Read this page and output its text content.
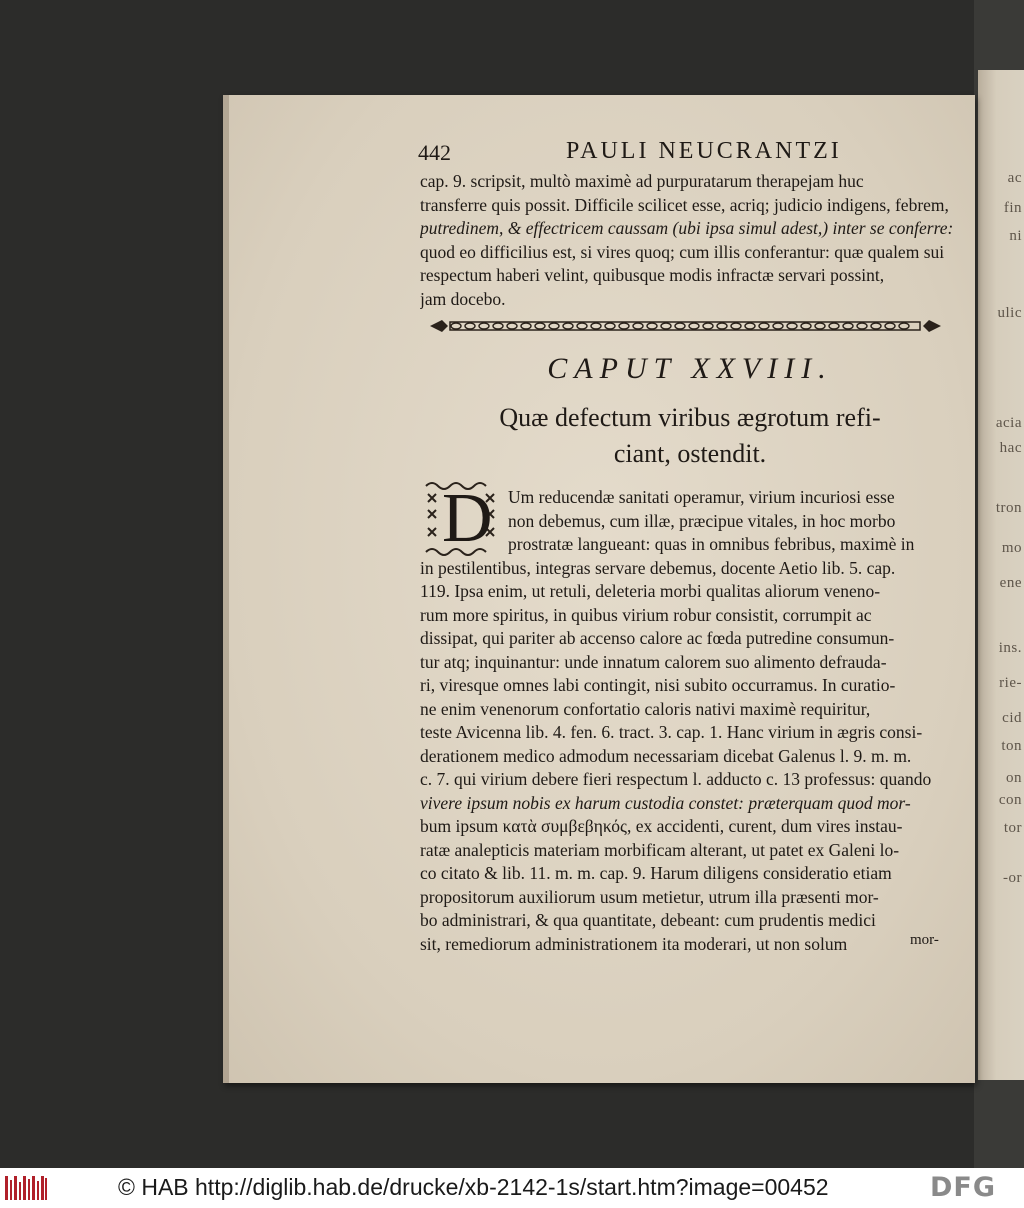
ac
fin
ni
ulic
acia
hac
tron
mo
ene
ins.
rie-
cid
ton
on
con
tor
-or
442	PAULI NEUCRANTZI
cap. 9. scripsit, multò maximè ad purpuratarum therapejam huc
transferre quis possit. Difficile scilicet esse, acriq; judicio indigens, febrem,
putredinem, & effectricem caussam (ubi ipsa simul adest,) inter se conferre:
quod eo difficilius est, si vires quoq; cum illis conferantur: quæ qualem sui
respectum haberi velint, quibusque modis infractæ servari possint,
jam docebo.
CAPUT XXVIII.
Quæ defectum viribus ægrotum refi-
ciant, ostendit.
D Um reducendæ sanitati operamur, virium incuriosi esse
non debemus, cum illæ, præcipue vitales, in hoc morbo
prostratæ langueant: quas in omnibus febribus, maximè in
in pestilentibus, integras servare debemus, docente Aetio lib. 5. cap.
119. Ipsa enim, ut retuli, deleteria morbi qualitas aliorum veneno-
rum more spiritus, in quibus virium robur consistit, corrumpit ac
dissipat, qui pariter ab accenso calore ac fœda putredine consumun-
tur atq; inquinantur: unde innatum calorem suo alimento defrauda-
ri, viresque omnes labi contingit, nisi subito occurramus. In curatio-
ne enim venenorum confortatio caloris nativi maximè requiritur,
teste Avicenna lib. 4. fen. 6. tract. 3. cap. 1. Hanc virium in ægris consi-
derationem medico admodum necessariam dicebat Galenus l. 9. m. m.
c. 7. qui virium debere fieri respectum l. adducto c. 13 professus: quando
vivere ipsum nobis ex harum custodia constet: præterquam quod mor-
bum ipsum κατὰ συμβεβηκός, ex accidenti, curent, dum vires instau-
ratæ analepticis materiam morbificam alterant, ut patet ex Galeni lo-
co citato & lib. 11. m. m. cap. 9. Harum diligens consideratio etiam
propositorum auxiliorum usum metietur, utrum illa præsenti mor-
bo administrari, & qua quantitate, debeant: cum prudentis medici
sit, remediorum administrationem ita moderari, ut non solum	mor-
© HAB http://diglib.hab.de/drucke/xb-2142-1s/start.htm?image=00452	DFG
